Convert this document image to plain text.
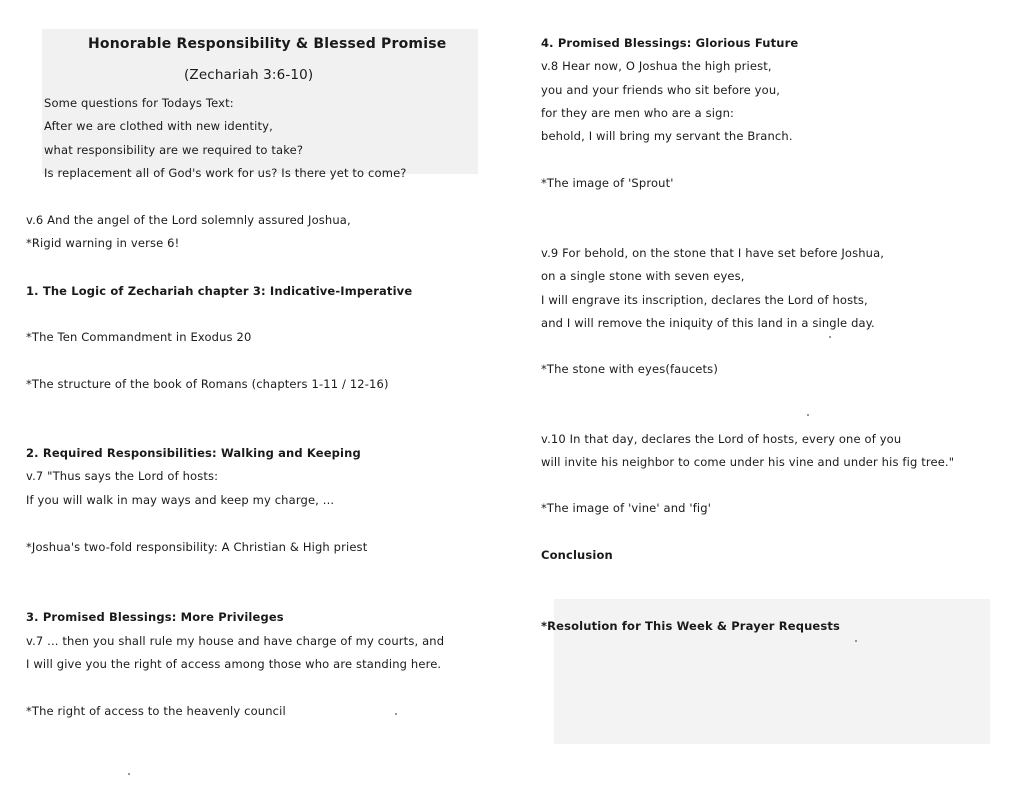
Honorable Responsibility & Blessed Promise
(Zechariah 3:6-10)
Some questions for Todays Text:
After we are clothed with new identity,
what responsibility are we required to take?
Is replacement all of God's work for us? Is there yet to come?
v.6 And the angel of the Lord solemnly assured Joshua,
*Rigid warning in verse 6!
1. The Logic of Zechariah chapter 3: Indicative-Imperative
*The Ten Commandment in Exodus 20
*The structure of the book of Romans (chapters 1-11 / 12-16)
2. Required Responsibilities: Walking and Keeping
v.7 "Thus says the Lord of hosts:
If you will walk in may ways and keep my charge, ...
*Joshua's two-fold responsibility: A Christian & High priest
3. Promised Blessings: More Privileges
v.7 ... then you shall rule my house and have charge of my courts, and
I will give you the right of access among those who are standing here.
*The right of access to the heavenly council
4. Promised Blessings: Glorious Future
v.8 Hear now, O Joshua the high priest,
you and your friends who sit before you,
for they are men who are a sign:
behold, I will bring my servant the Branch.
*The image of 'Sprout'
v.9 For behold, on the stone that I have set before Joshua,
on a single stone with seven eyes,
I will engrave its inscription, declares the Lord of hosts,
and I will remove the iniquity of this land in a single day.
*The stone with eyes(faucets)
v.10 In that day, declares the Lord of hosts, every one of you
will invite his neighbor to come under his vine and under his fig tree."
*The image of 'vine' and 'fig'
Conclusion
*Resolution for This Week & Prayer Requests
